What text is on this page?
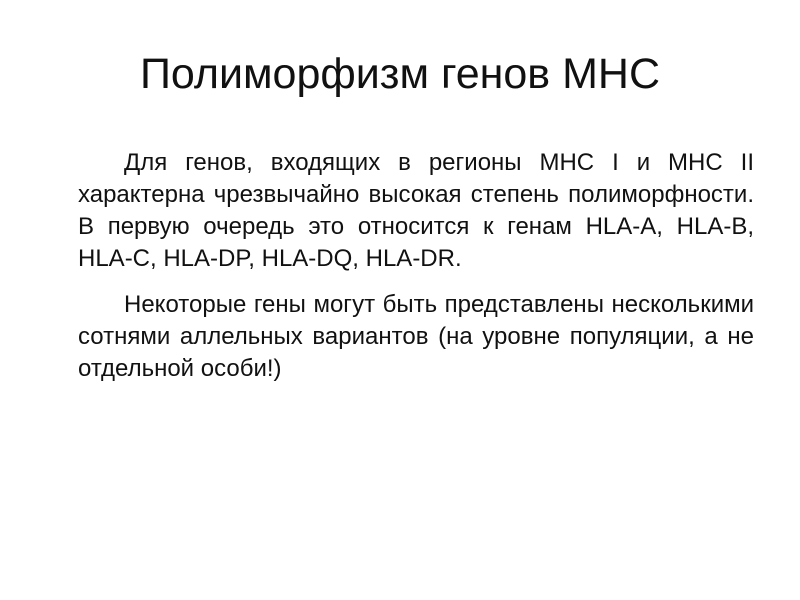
Полиморфизм генов МНС

Для генов, входящих в регионы МНС I и МНС II характерна чрезвычайно высокая степень полиморфности. В первую очередь это относится к генам HLA-A, HLA-B, HLA-C, HLA-DP, HLA-DQ, HLA-DR.

Некоторые гены могут быть представлены несколькими сотнями аллельных вариантов (на уровне популяции, а не отдельной особи!)
